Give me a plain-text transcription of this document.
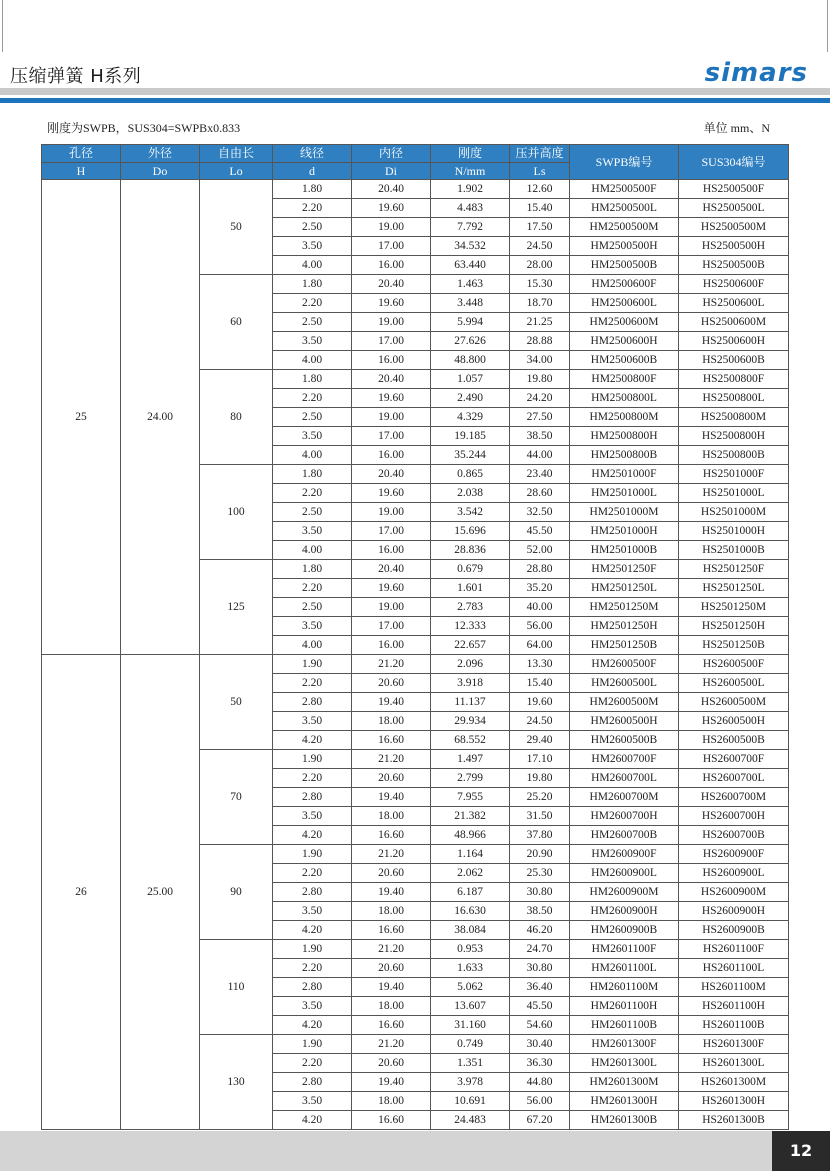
压缩弹簧 H系列	simars
刚度为SWPB，SUS304=SWPBx0.833	单位 mm、N
孔径	外径	自由长	线径	内径	刚度	压并高度	SWPB编号	SUS304编号
H	Do	Lo	d	Di	N/mm	Ls		
25	24.00	50	1.80	20.40	1.902	12.60	HM2500500F	HS2500500F
			2.20	19.60	4.483	15.40	HM2500500L	HS2500500L
			2.50	19.00	7.792	17.50	HM2500500M	HS2500500M
			3.50	17.00	34.532	24.50	HM2500500H	HS2500500H
			4.00	16.00	63.440	28.00	HM2500500B	HS2500500B
		60	1.80	20.40	1.463	15.30	HM2500600F	HS2500600F
			2.20	19.60	3.448	18.70	HM2500600L	HS2500600L
			2.50	19.00	5.994	21.25	HM2500600M	HS2500600M
			3.50	17.00	27.626	28.88	HM2500600H	HS2500600H
			4.00	16.00	48.800	34.00	HM2500600B	HS2500600B
		80	1.80	20.40	1.057	19.80	HM2500800F	HS2500800F
			2.20	19.60	2.490	24.20	HM2500800L	HS2500800L
			2.50	19.00	4.329	27.50	HM2500800M	HS2500800M
			3.50	17.00	19.185	38.50	HM2500800H	HS2500800H
			4.00	16.00	35.244	44.00	HM2500800B	HS2500800B
		100	1.80	20.40	0.865	23.40	HM2501000F	HS2501000F
			2.20	19.60	2.038	28.60	HM2501000L	HS2501000L
			2.50	19.00	3.542	32.50	HM2501000M	HS2501000M
			3.50	17.00	15.696	45.50	HM2501000H	HS2501000H
			4.00	16.00	28.836	52.00	HM2501000B	HS2501000B
		125	1.80	20.40	0.679	28.80	HM2501250F	HS2501250F
			2.20	19.60	1.601	35.20	HM2501250L	HS2501250L
			2.50	19.00	2.783	40.00	HM2501250M	HS2501250M
			3.50	17.00	12.333	56.00	HM2501250H	HS2501250H
			4.00	16.00	22.657	64.00	HM2501250B	HS2501250B
26	25.00	50	1.90	21.20	2.096	13.30	HM2600500F	HS2600500F
			2.20	20.60	3.918	15.40	HM2600500L	HS2600500L
			2.80	19.40	11.137	19.60	HM2600500M	HS2600500M
			3.50	18.00	29.934	24.50	HM2600500H	HS2600500H
			4.20	16.60	68.552	29.40	HM2600500B	HS2600500B
		70	1.90	21.20	1.497	17.10	HM2600700F	HS2600700F
			2.20	20.60	2.799	19.80	HM2600700L	HS2600700L
			2.80	19.40	7.955	25.20	HM2600700M	HS2600700M
			3.50	18.00	21.382	31.50	HM2600700H	HS2600700H
			4.20	16.60	48.966	37.80	HM2600700B	HS2600700B
		90	1.90	21.20	1.164	20.90	HM2600900F	HS2600900F
			2.20	20.60	2.062	25.30	HM2600900L	HS2600900L
			2.80	19.40	6.187	30.80	HM2600900M	HS2600900M
			3.50	18.00	16.630	38.50	HM2600900H	HS2600900H
			4.20	16.60	38.084	46.20	HM2600900B	HS2600900B
		110	1.90	21.20	0.953	24.70	HM2601100F	HS2601100F
			2.20	20.60	1.633	30.80	HM2601100L	HS2601100L
			2.80	19.40	5.062	36.40	HM2601100M	HS2601100M
			3.50	18.00	13.607	45.50	HM2601100H	HS2601100H
			4.20	16.60	31.160	54.60	HM2601100B	HS2601100B
		130	1.90	21.20	0.749	30.40	HM2601300F	HS2601300F
			2.20	20.60	1.351	36.30	HM2601300L	HS2601300L
			2.80	19.40	3.978	44.80	HM2601300M	HS2601300M
			3.50	18.00	10.691	56.00	HM2601300H	HS2601300H
			4.20	16.60	24.483	67.20	HM2601300B	HS2601300B
12
